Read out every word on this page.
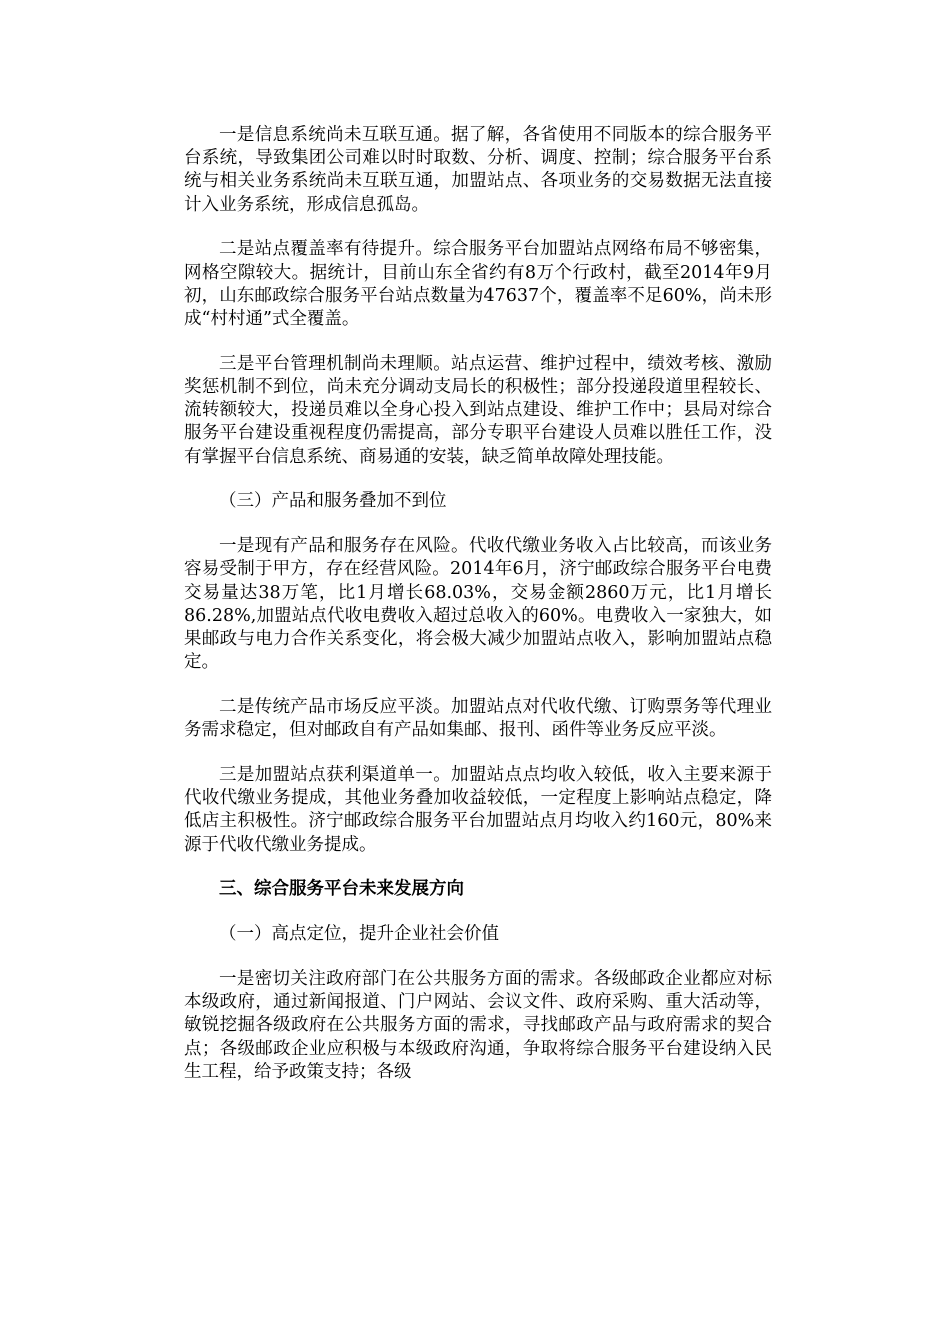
一是信息系统尚未互联互通。据了解，各省使用不同版本的综合服务平台系统，导致集团公司难以时时取数、分析、调度、控制；综合服务平台系统与相关业务系统尚未互联互通，加盟站点、各项业务的交易数据无法直接计入业务系统，形成信息孤岛。

二是站点覆盖率有待提升。综合服务平台加盟站点网络布局不够密集，网格空隙较大。据统计，目前山东全省约有8万个行政村，截至2014年9月初，山东邮政综合服务平台站点数量为47637个，覆盖率不足60%，尚未形成“村村通”式全覆盖。

三是平台管理机制尚未理顺。站点运营、维护过程中，绩效考核、激励奖惩机制不到位，尚未充分调动支局长的积极性；部分投递段道里程较长、流转额较大，投递员难以全身心投入到站点建设、维护工作中；县局对综合服务平台建设重视程度仍需提高，部分专职平台建设人员难以胜任工作，没有掌握平台信息系统、商易通的安装，缺乏简单故障处理技能。

（三）产品和服务叠加不到位

一是现有产品和服务存在风险。代收代缴业务收入占比较高，而该业务容易受制于甲方，存在经营风险。2014年6月，济宁邮政综合服务平台电费交易量达38万笔，比1月增长68.03%，交易金额2860万元，比1月增长86.28%,加盟站点代收电费收入超过总收入的60%。电费收入一家独大，如果邮政与电力合作关系变化，将会极大减少加盟站点收入，影响加盟站点稳定。

二是传统产品市场反应平淡。加盟站点对代收代缴、订购票务等代理业务需求稳定，但对邮政自有产品如集邮、报刊、函件等业务反应平淡。

三是加盟站点获利渠道单一。加盟站点点均收入较低，收入主要来源于代收代缴业务提成，其他业务叠加收益较低，一定程度上影响站点稳定，降低店主积极性。济宁邮政综合服务平台加盟站点月均收入约160元，80%来源于代收代缴业务提成。

三、综合服务平台未来发展方向

（一）高点定位，提升企业社会价值

一是密切关注政府部门在公共服务方面的需求。各级邮政企业都应对标本级政府，通过新闻报道、门户网站、会议文件、政府采购、重大活动等，敏锐挖掘各级政府在公共服务方面的需求，寻找邮政产品与政府需求的契合点；各级邮政企业应积极与本级政府沟通，争取将综合服务平台建设纳入民生工程，给予政策支持；各级
